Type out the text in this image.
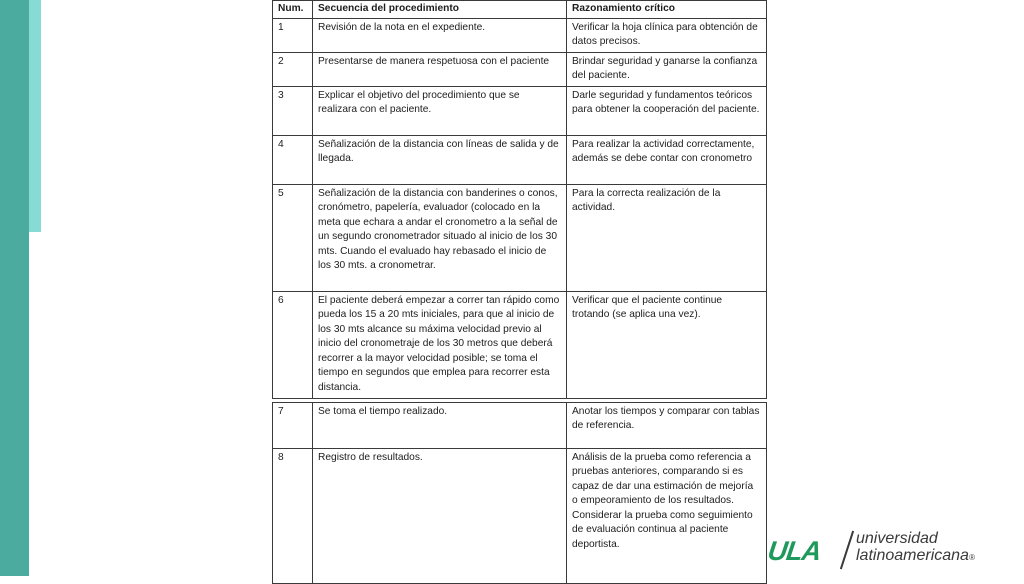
Num.	Secuencia del procedimiento	Razonamiento crítico
1	Revisión de la nota en el expediente.	Verificar la hoja clínica para obtención de datos precisos.
2	Presentarse de manera respetuosa con el paciente	Brindar seguridad y ganarse la confianza del paciente.
3	Explicar el objetivo del procedimiento que se realizara con el paciente.	Darle seguridad y fundamentos teóricos para obtener la cooperación del paciente.
4	Señalización de la distancia con líneas de salida y de llegada.	Para realizar la actividad correctamente, además se debe contar con cronometro
5	Señalización de la distancia con banderines o conos, cronómetro, papelería, evaluador (colocado en la meta que echara a andar el cronometro a la señal de un segundo cronometrador situado al inicio de los 30 mts. Cuando el evaluado hay rebasado el inicio de los 30 mts. a cronometrar.	Para la correcta realización de la actividad.
6	El paciente deberá empezar a correr tan rápido como pueda los 15 a 20 mts iniciales, para que al inicio de los 30 mts alcance su máxima velocidad previo al inicio del cronometraje de los 30 metros que deberá recorrer a la mayor velocidad posible; se toma el tiempo en segundos que emplea para recorrer esta distancia.	Verificar que el paciente continue trotando (se aplica una vez).

7	Se toma el tiempo realizado.	Anotar los tiempos y comparar con tablas de referencia.
8	Registro de resultados.	Análisis de la prueba como referencia a pruebas anteriores, comparando si es capaz de dar una estimación de mejoría o empeoramiento de los resultados. Considerar la prueba como seguimiento de evaluación continua al paciente deportista.	ULA universidad
latinoamericana®
